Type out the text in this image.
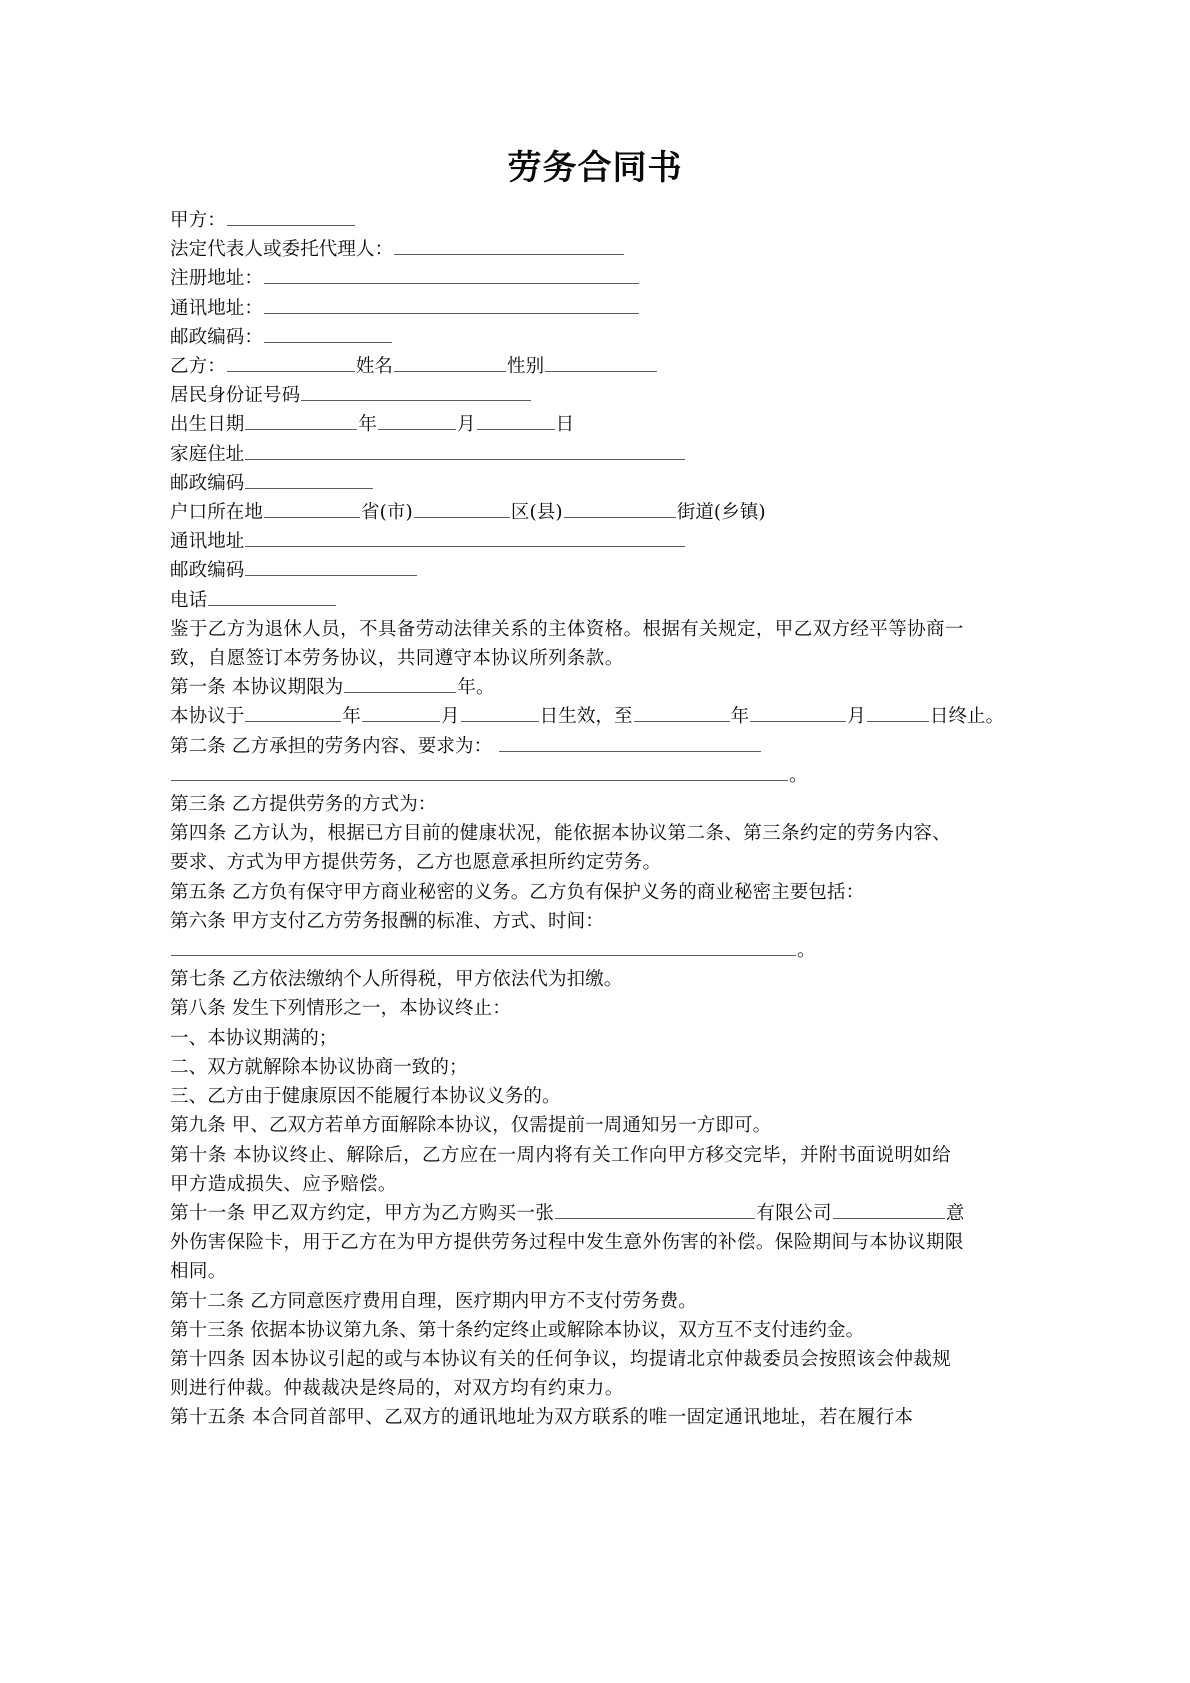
劳务合同书
甲方：
法定代表人或委托代理人：
注册地址：
通讯地址：
邮政编码：
乙方：	姓名	性别
居民身份证号码
出生日期	年	月	日
家庭住址
邮政编码
户口所在地	省(市)	区(县)	街道(乡镇)
通讯地址
邮政编码
电话
鉴于乙方为退休人员，不具备劳动法律关系的主体资格。根据有关规定，甲乙双方经平等协商一致，自愿签订本劳务协议，共同遵守本协议所列条款。
第一条 本协议期限为	年。
本协议于	年	月	日生效，至	年	月	日终止。
第二条 乙方承担的劳务内容、要求为：
。
第三条 乙方提供劳务的方式为：
第四条 乙方认为，根据已方目前的健康状况，能依据本协议第二条、第三条约定的劳务内容、要求、方式为甲方提供劳务，乙方也愿意承担所约定劳务。
第五条 乙方负有保守甲方商业秘密的义务。乙方负有保护义务的商业秘密主要包括：
第六条 甲方支付乙方劳务报酬的标准、方式、时间：
。
第七条 乙方依法缴纳个人所得税，甲方依法代为扣缴。
第八条 发生下列情形之一，本协议终止：
一、本协议期满的；
二、双方就解除本协议协商一致的；
三、乙方由于健康原因不能履行本协议义务的。
第九条 甲、乙双方若单方面解除本协议，仅需提前一周通知另一方即可。
第十条 本协议终止、解除后，乙方应在一周内将有关工作向甲方移交完毕，并附书面说明如给甲方造成损失、应予赔偿。
第十一条 甲乙双方约定，甲方为乙方购买一张	有限公司	意外伤害保险卡，用于乙方在为甲方提供劳务过程中发生意外伤害的补偿。保险期间与本协议期限相同。
第十二条 乙方同意医疗费用自理，医疗期内甲方不支付劳务费。
第十三条 依据本协议第九条、第十条约定终止或解除本协议，双方互不支付违约金。
第十四条 因本协议引起的或与本协议有关的任何争议，均提请北京仲裁委员会按照该会仲裁规则进行仲裁。仲裁裁决是终局的，对双方均有约束力。
第十五条 本合同首部甲、乙双方的通讯地址为双方联系的唯一固定通讯地址，若在履行本
